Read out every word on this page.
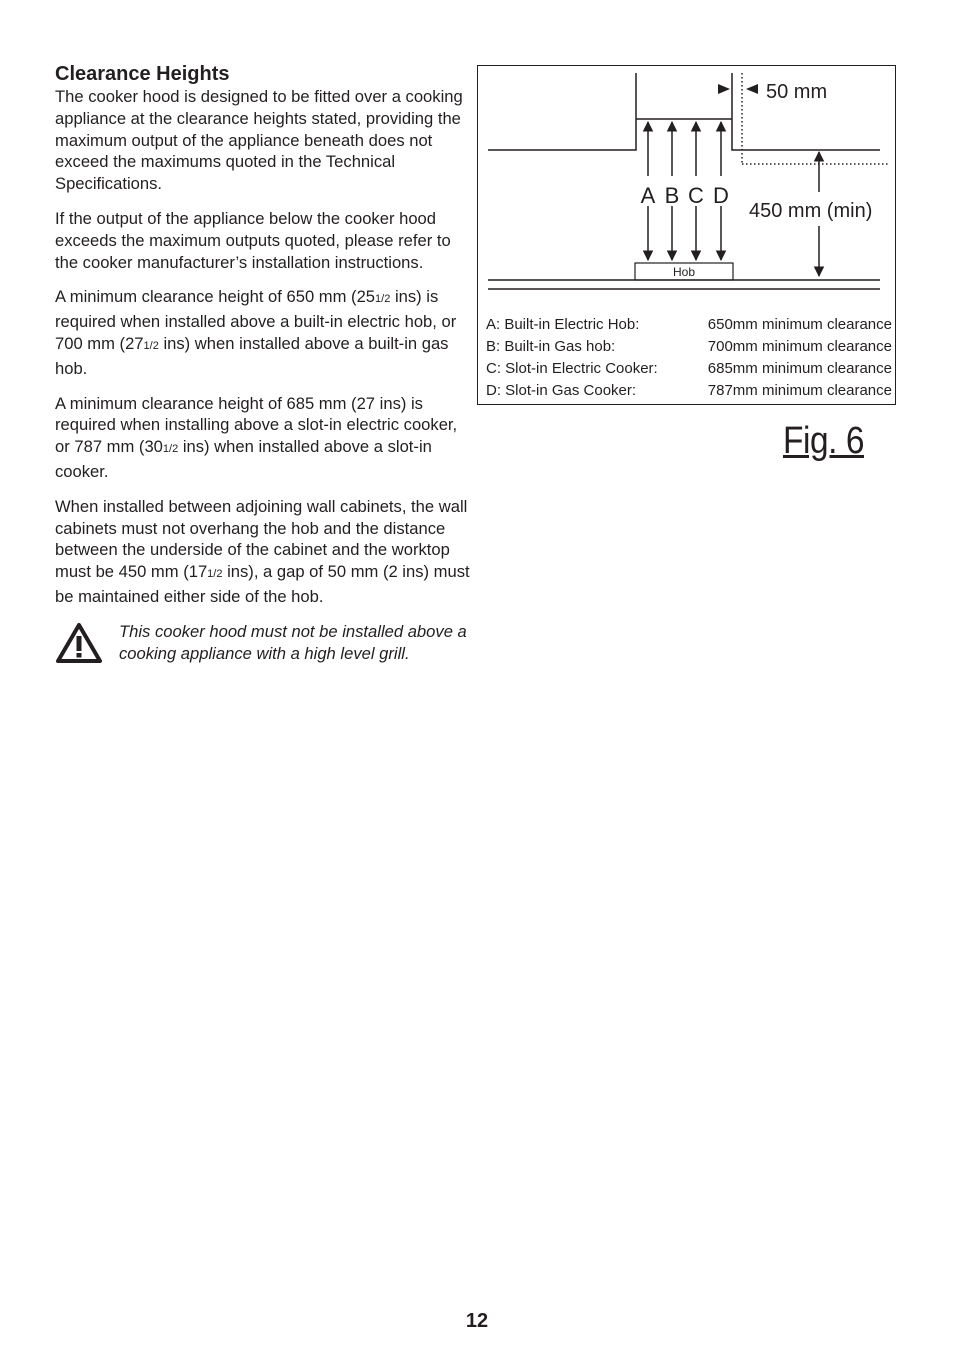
Clearance Heights

The cooker hood is designed to be fitted over a cooking appliance at the clearance heights stated, providing the maximum output of the appliance beneath does not exceed the maximums quoted in the Technical Specifications.

If the output of the appliance below the cooker hood exceeds the maximum outputs quoted, please refer to the cooker manufacturer’s installation instructions.

A minimum clearance height of 650 mm (251/2 ins) is required when installed above a built-in electric hob, or 700 mm (271/2 ins) when installed above a built-in gas hob.

A minimum clearance height of 685 mm (27 ins) is required when installing above a slot-in electric cooker, or 787 mm (301/2 ins) when installed above a slot-in cooker.

When installed between adjoining wall cabinets, the wall cabinets must not overhang the hob and the distance between the underside of the cabinet and the worktop must be 450 mm (171/2 ins), a gap of 50 mm (2 ins) must be maintained either side of the hob.

This cooker hood must not be installed above a cooking appliance with a high level grill.
50 mm
A B C D
450 mm (min)
Hob
A: Built-in Electric Hob:	650mm minimum clearance
B: Built-in Gas hob:	700mm minimum clearance
C: Slot-in Electric Cooker:	685mm minimum clearance
D: Slot-in Gas Cooker:	787mm minimum clearance
Fig. 6
12
